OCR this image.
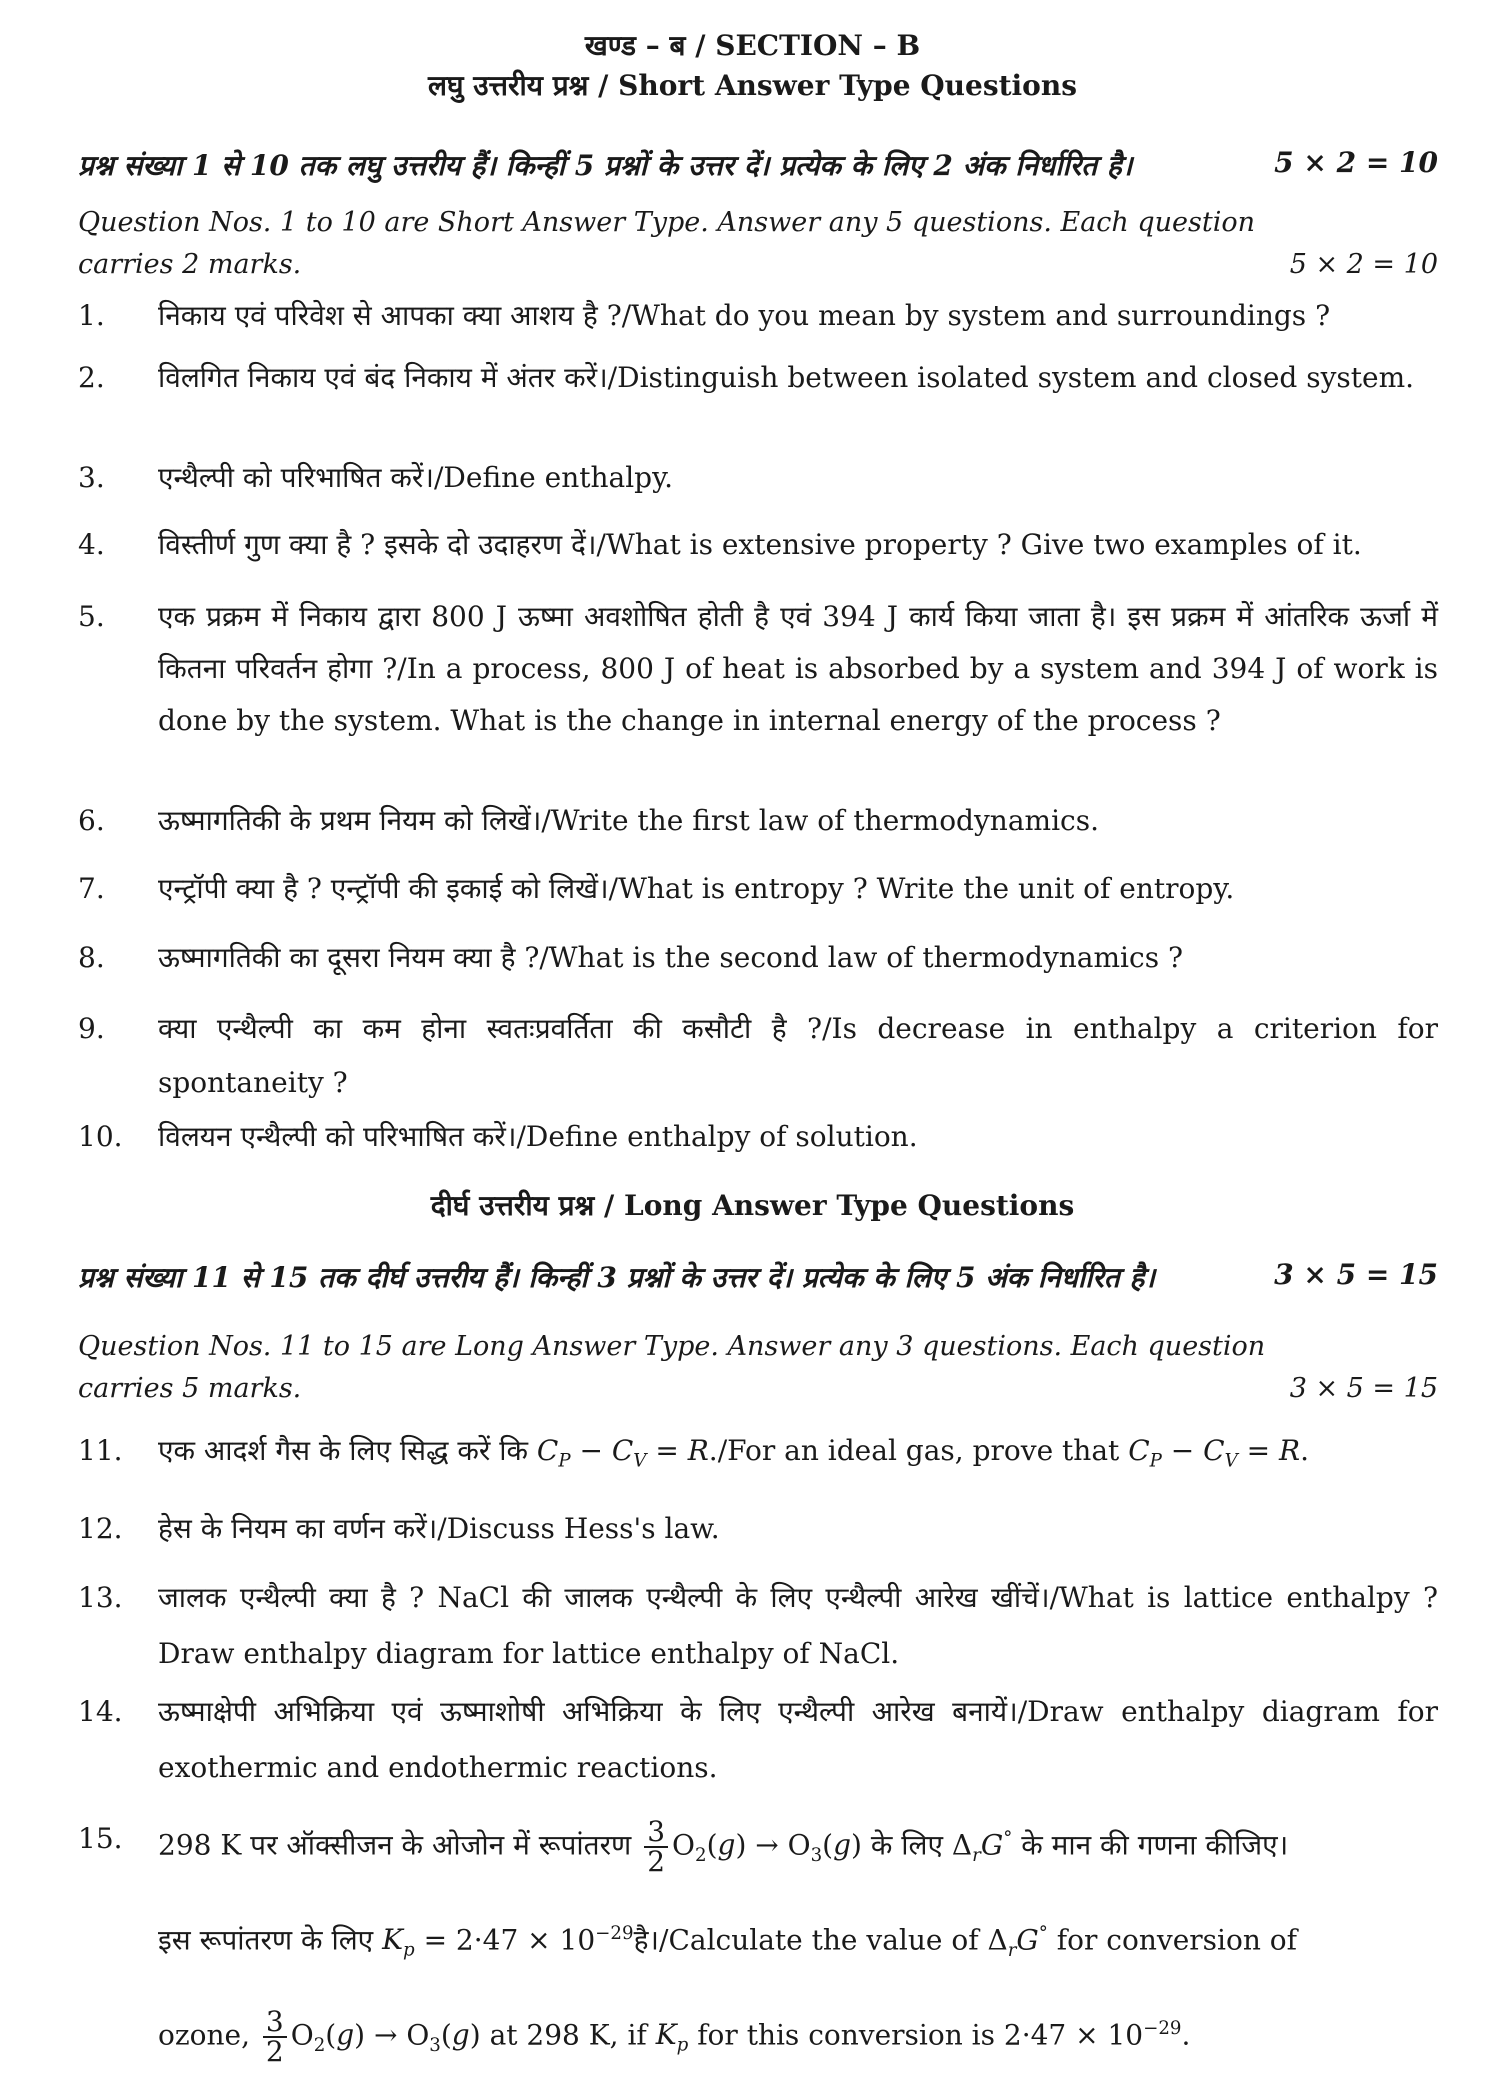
खण्ड – ब / SECTION – B
लघु उत्तरीय प्रश्न / Short Answer Type Questions
प्रश्न संख्या 1 से 10 तक लघु उत्तरीय हैं। किन्हीं 5 प्रश्नों के उत्तर दें। प्रत्येक के लिए 2 अंक निर्धारित है।	5 × 2 = 10
Question Nos. 1 to 10 are Short Answer Type. Answer any 5 questions. Each question
carries 2 marks.	5 × 2 = 10
1.	निकाय एवं परिवेश से आपका क्या आशय है ?/What do you mean by system and surroundings ?
2.	विलगित निकाय एवं बंद निकाय में अंतर करें।/Distinguish between isolated system and closed system.
3.	एन्थैल्पी को परिभाषित करें।/Define enthalpy.
4.	विस्तीर्ण गुण क्या है ? इसके दो उदाहरण दें।/What is extensive property ? Give two examples of it.
5.	एक प्रक्रम में निकाय द्वारा 800 J ऊष्मा अवशोषित होती है एवं 394 J कार्य किया जाता है। इस प्रक्रम में आंतरिक ऊर्जा में कितना परिवर्तन होगा ?/In a process, 800 J of heat is absorbed by a system and 394 J of work is done by the system. What is the change in internal energy of the process ?
6.	ऊष्मागतिकी के प्रथम नियम को लिखें।/Write the first law of thermodynamics.
7.	एन्ट्रॉपी क्या है ? एन्ट्रॉपी की इकाई को लिखें।/What is entropy ? Write the unit of entropy.
8.	ऊष्मागतिकी का दूसरा नियम क्या है ?/What is the second law of thermodynamics ?
9.	क्या एन्थैल्पी का कम होना स्वतःप्रवर्तिता की कसौटी है ?/Is decrease in enthalpy a criterion for spontaneity ?
10.	विलयन एन्थैल्पी को परिभाषित करें।/Define enthalpy of solution.
दीर्घ उत्तरीय प्रश्न / Long Answer Type Questions
प्रश्न संख्या 11 से 15 तक दीर्घ उत्तरीय हैं। किन्हीं 3 प्रश्नों के उत्तर दें। प्रत्येक के लिए 5 अंक निर्धारित है।	3 × 5 = 15
Question Nos. 11 to 15 are Long Answer Type. Answer any 3 questions. Each question
carries 5 marks.	3 × 5 = 15
11.	एक आदर्श गैस के लिए सिद्ध करें कि $C_P - C_V = R./For$ an ideal gas, prove that $C_P - C_V = R$.
12.	हेस के नियम का वर्णन करें।/Discuss Hess's law.
13.	जालक एन्थैल्पी क्या है ? NaCl की जालक एन्थैल्पी के लिए एन्थैल्पी आरेख खींचें।/What is lattice enthalpy ? Draw enthalpy diagram for lattice enthalpy of NaCl.
14.	ऊष्माक्षेपी अभिक्रिया एवं ऊष्माशोषी अभिक्रिया के लिए एन्थैल्पी आरेख बनायें।/Draw enthalpy diagram for exothermic and endothermic reactions.
15.	298 K पर ऑक्सीजन के ओजोन में रूपांतरण $\frac{3}{2} O_2(g) \to O_3(g)$ के लिए $\Delta_rG^\circ$ के मान की गणना कीजिए।
इस रूपांतरण के लिए $K_p = 2\cdot 47$ × $10^{-29}है।$/Calculate the value of $\Delta_rG^\circ$ for conversion of
ozone, $\frac{3}{2} O_2(g) \to O_3(g)$ at 298 K, if $K_p$ for this conversion is $2\cdot 47 \times 10^{-29}$.
